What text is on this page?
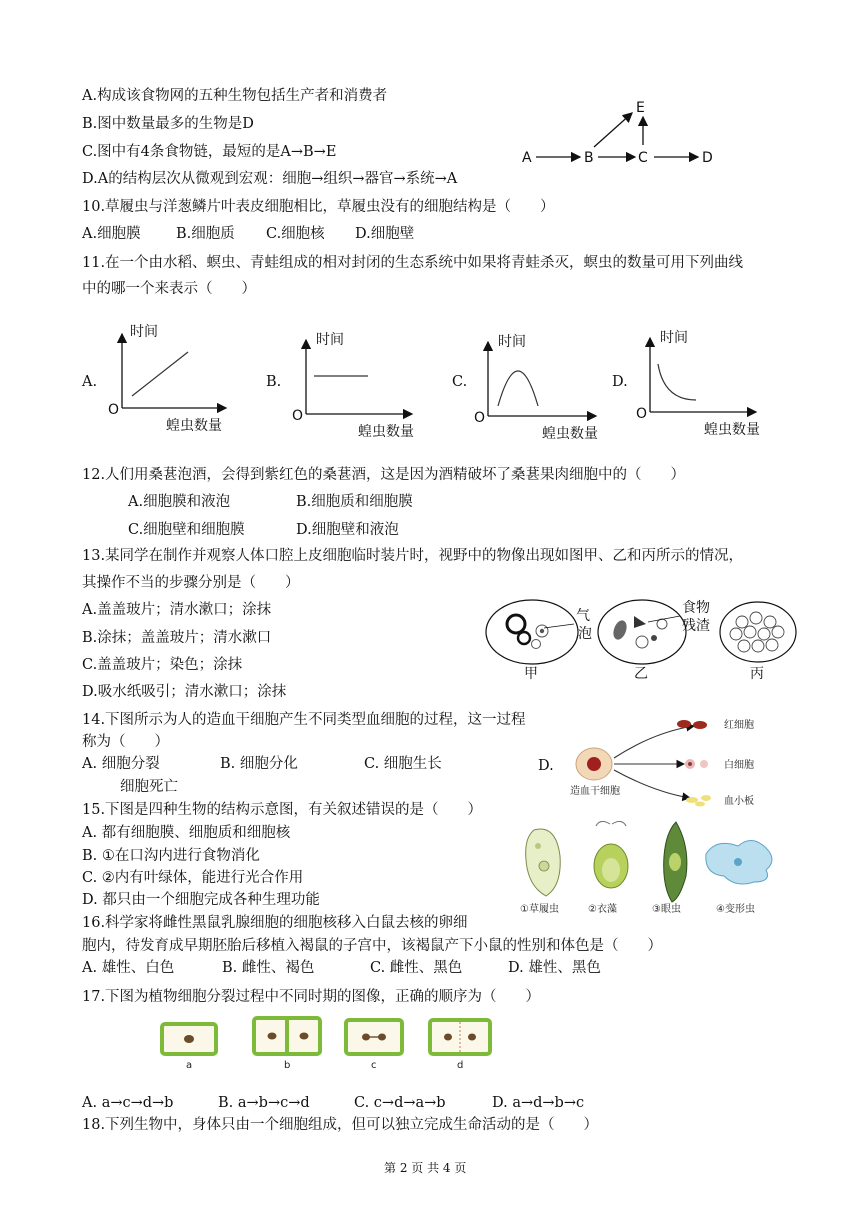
A.构成该食物网的五种生物包括生产者和消费者
B.图中数量最多的生物是D
C.图中有4条食物链，最短的是A→B→E
D.A的结构层次从微观到宏观：细胞→组织→器官→系统→A
A	B	C	D
E
10.草履虫与洋葱鳞片叶表皮细胞相比，草履虫没有的细胞结构是（　　）
A.细胞膜 B.细胞质 C.细胞核 D.细胞壁
11.在一个由水稻、螟虫、青蛙组成的相对封闭的生态系统中如果将青蛙杀灭，螟虫的数量可用下列曲线
中的哪一个来表示（　　）
A.
时间
O
蝗虫数量
B.
时间
O
蝗虫数量
C.
时间
O
蝗虫数量
D.
时间
O
蝗虫数量
12.人们用桑葚泡酒，会得到紫红色的桑葚酒，这是因为酒精破坏了桑葚果肉细胞中的（　　）
A.细胞膜和液泡	B.细胞质和细胞膜
C.细胞壁和细胞膜	D.细胞壁和液泡
13.某同学在制作并观察人体口腔上皮细胞临时装片时，视野中的物像出现如图甲、乙和丙所示的情况，
其操作不当的步骤分别是（　　）
A.盖盖玻片；清水漱口；涂抹
B.涂抹；盖盖玻片；清水漱口
C.盖盖玻片；染色；涂抹
D.吸水纸吸引；清水漱口；涂抹
甲
气
泡
乙
食物
残渣
丙
14.下图所示为人的造血干细胞产生不同类型血细胞的过程，这一过程
称为（　　）
A. 细胞分裂	B. 细胞分化	C. 细胞生长	D.
细胞死亡
红细胞
白细胞
血小板
造血干细胞
15.下图是四种生物的结构示意图，有关叙述错误的是（　　）
A. 都有细胞膜、细胞质和细胞核
B. ①在口沟内进行食物消化
C. ②内有叶绿体，能进行光合作用
D. 都只由一个细胞完成各种生理功能
①草履虫	②衣藻	③眼虫	④变形虫
16.科学家将雌性黑鼠乳腺细胞的细胞核移入白鼠去核的卵细
胞内，待发育成早期胚胎后移植入褐鼠的子宫中，该褐鼠产下小鼠的性别和体色是（　　）
A. 雄性、白色	B. 雌性、褐色	C. 雌性、黑色	D. 雄性、黑色
17.下图为植物细胞分裂过程中不同时期的图像，正确的顺序为（　　）
a	b	c	d
A. a→c→d→b	B. a→b→c→d	C. c→d→a→b	D. a→d→b→c
18.下列生物中，身体只由一个细胞组成，但可以独立完成生命活动的是（　　）
第 2 页 共 4 页
